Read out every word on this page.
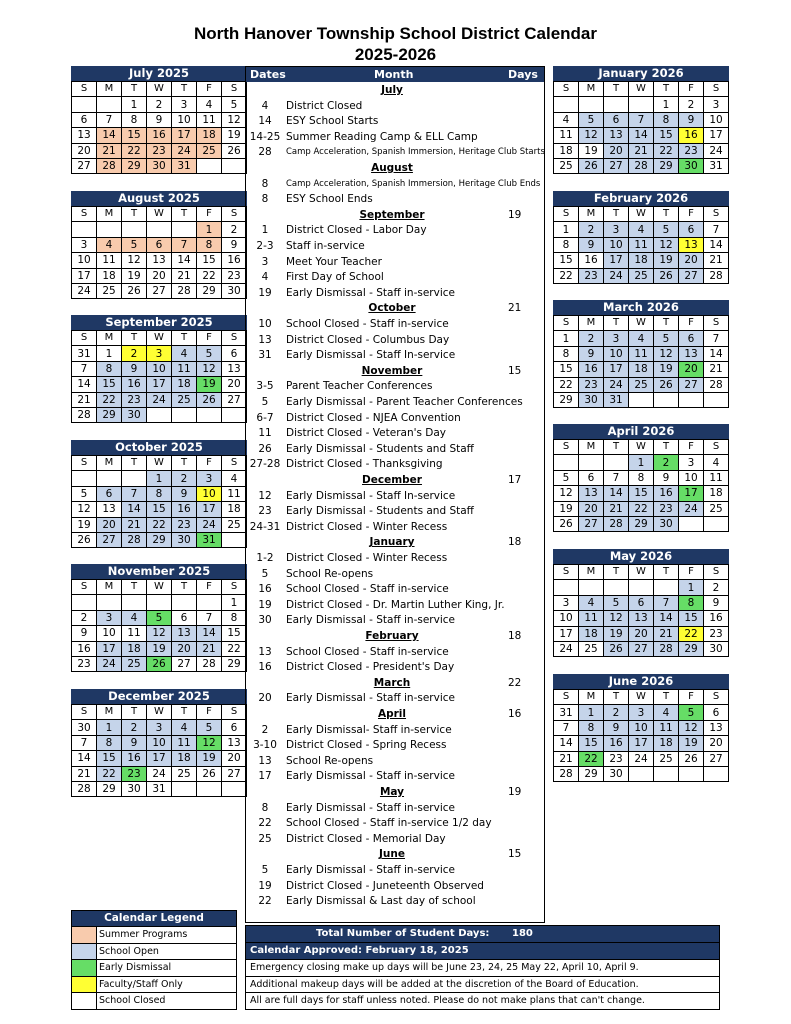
North Hanover Township School District Calendar
2025-2026
July 2025
S	M	T	W	T	F	S
		1	2	3	4	5
6	7	8	9	10	11	12
13	14	15	16	17	18	19
20	21	22	23	24	25	26
27	28	29	30	31		
August 2025
S	M	T	W	T	F	S
					1	2
3	4	5	6	7	8	9
10	11	12	13	14	15	16
17	18	19	20	21	22	23
24	25	26	27	28	29	30
September 2025
S	M	T	W	T	F	S
31	1	2	3	4	5	6
7	8	9	10	11	12	13
14	15	16	17	18	19	20
21	22	23	24	25	26	27
28	29	30				
October 2025
S	M	T	W	T	F	S
			1	2	3	4
5	6	7	8	9	10	11
12	13	14	15	16	17	18
19	20	21	22	23	24	25
26	27	28	29	30	31	
November 2025
S	M	T	W	T	F	S
						1
2	3	4	5	6	7	8
9	10	11	12	13	14	15
16	17	18	19	20	21	22
23	24	25	26	27	28	29
December 2025
S	M	T	W	T	F	S
30	1	2	3	4	5	6
7	8	9	10	11	12	13
14	15	16	17	18	19	20
21	22	23	24	25	26	27
28	29	30	31			
January 2026
S	M	T	W	T	F	S
				1	2	3
4	5	6	7	8	9	10
11	12	13	14	15	16	17
18	19	20	21	22	23	24
25	26	27	28	29	30	31
February 2026
S	M	T	W	T	F	S
1	2	3	4	5	6	7
8	9	10	11	12	13	14
15	16	17	18	19	20	21
22	23	24	25	26	27	28
March 2026
S	M	T	W	T	F	S
1	2	3	4	5	6	7
8	9	10	11	12	13	14
15	16	17	18	19	20	21
22	23	24	25	26	27	28
29	30	31				
April 2026
S	M	T	W	T	F	S
			1	2	3	4
5	6	7	8	9	10	11
12	13	14	15	16	17	18
19	20	21	22	23	24	25
26	27	28	29	30		
May 2026
S	M	T	W	T	F	S
					1	2
3	4	5	6	7	8	9
10	11	12	13	14	15	16
17	18	19	20	21	22	23
24	25	26	27	28	29	30
June 2026
S	M	T	W	T	F	S
31	1	2	3	4	5	6
7	8	9	10	11	12	13
14	15	16	17	18	19	20
21	22	23	24	25	26	27
28	29	30				
Dates	Month	Days
July
4	District Closed
14	ESY School Starts
14-25 Summer Reading Camp & ELL Camp
28	Camp Acceleration, Spanish Immersion, Heritage Club Starts
August
8	Camp Acceleration, Spanish Immersion, Heritage Club Ends
8	ESY School Ends
September	19
1	District Closed - Labor Day
2-3	Staff in-service
3	Meet Your Teacher
4	First Day of School
19	Early Dismissal - Staff in-service
October	21
10	School Closed - Staff in-service
13	District Closed - Columbus Day
31	Early Dismissal - Staff In-service
November	15
3-5	Parent Teacher Conferences
5	Early Dismissal - Parent Teacher Conferences
6-7	District Closed - NJEA Convention
11	District Closed - Veteran's Day
26	Early Dismissal - Students and Staff
27-28 District Closed - Thanksgiving
December	17
12	Early Dismissal - Staff In-service
23	Early Dismissal - Students and Staff
24-31 District Closed - Winter Recess
January	18
1-2	District Closed - Winter Recess
5	School Re-opens
16	School Closed - Staff in-service
19	District Closed - Dr. Martin Luther King, Jr.
30	Early Dismissal - Staff in-service
February	18
13	School Closed - Staff in-service
16	District Closed - President's Day
March	22
20	Early Dismissal - Staff in-service
April	16
2	Early Dismissal- Staff in-service
3-10 District Closed - Spring Recess
13	School Re-opens
17	Early Dismissal - Staff in-service
May	19
8	Early Dismissal - Staff in-service
22	School Closed - Staff in-service 1/2 day
25	District Closed - Memorial Day
June	15
5	Early Dismissal - Staff in-service
19	District Closed - Juneteenth Observed
22	Early Dismissal & Last day of school
Calendar Legend
Summer Programs
School Open
Early Dismissal
Faculty/Staff Only
School Closed
Total Number of Student Days: 180
Calendar Approved: February 18, 2025
Emergency closing make up days will be June 23, 24, 25 May 22, April 10, April 9.
Additional makeup days will be added at the discretion of the Board of Education.
All are full days for staff unless noted. Please do not make plans that can't change.
